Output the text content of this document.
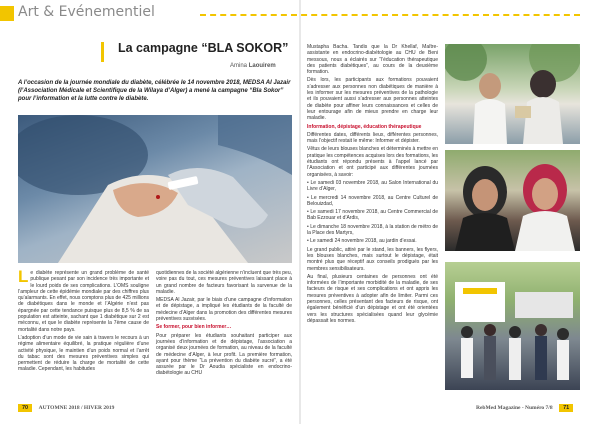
Art & Evénementiel
La campagne “BLA SOKOR”
Amina Laouirem
A l’occasion de la journée mondiale du diabète, célébrée le 14 novembre 2018, MEDSA Al Jazair (l’Association Médicale et Scientifique de la Wilaya d’Alger) a mené la campagne “Bla Sokor” pour l’information et la lutte contre le diabète.

L e diabète représente un grand problème de santé publique pesant par son incidence très importante et le lourd poids de ses complications. L’OMS souligne l’ampleur de cette épidémie mondiale par des chiffres plus qu’alarmants. En effet, nous comptons plus de 425 millions de diabétiques dans le monde et l’Algérie n’est pas épargnée par cette tendance puisque plus de 8,5 % de sa population est atteinte, sachant que 1 diabétique sur 2 est méconnu, et que le diabète représente la 7ème cause de mortalité dans notre pays.

L’adoption d’un mode de vie sain à travers le recours à un régime alimentaire équilibré, la pratique régulière d’une activité physique, le maintien d’un poids normal et l’arrêt du tabac sont des mesures préventives simples qui permettent de réduire la charge de mortalité de cette maladie. Cependant, les habitudes

quotidiennes de la société algérienne n’incluent que très peu, voire pas du tout, ces mesures préventives laissant place à un grand nombre de facteurs favorisant la survenue de la maladie.

MEDSA Al Jazair, par le biais d’une campagne d’information et de dépistage, a impliqué les étudiants de la faculté de médecine d’Alger dans la promotion des différentes mesures préventives susvisées.

Se former, pour bien informer…

Pour préparer les étudiants souhaitant participer aux journées d’information et de dépistage, l’association a organisé deux journées de formation, au niveau de la faculté de médecine d’Alger, à leur profit. La première formation, ayant pour thème “La prévention du diabète sucré”, a été assurée par le Dr Aoudia spécialiste en endocrino-diabétologie au CHU

Mustapha Bacha. Tandis que la Dr Khellaf, Maître-assistante en endocrino-diabétologie au CHU de Beni messous, nous a éclairés sur “l’éducation thérapeutique des patients diabétiques”, au cours de la deuxième formation.

Dès lors, les participants aux formations pouvaient s’adresser aux personnes non diabétiques de manière à les informer sur les mesures préventives de la pathologie et ils pouvaient aussi s’adresser aux personnes atteintes de diabète pour affiner leurs connaissances et celles de leur entourage afin de mieux prendre en charge leur maladie.

Information, dépistage, éducation thérapeutique

Différentes dates, différents lieux, différentes personnes, mais l’objectif restait le même: Informer et dépister.

Vêtus de leurs blouses blanches et déterminés à mettre en pratique les compétences acquises lors des formations, les étudiants ont répondu présents à l’appel lancé par l’Association et ont participé aux différentes journées organisées, à savoir:

• Le samedi 03 novembre 2018, au Salon International du Livre d’Alger,

• Le mercredi 14 novembre 2018, au Centre Culturel de Belouizdad,

• Le samedi 17 novembre 2018, au Centre Commercial de Bab Ezzouar et d’Ardis,

• Le dimanche 18 novembre 2018, à la station de métro de la Place des Martyrs,

• Le samedi 24 novembre 2018, au jardin d’essai.

Le grand public, attiré par le stand, les banners, les flyers, les blouses blanches, mais surtout le dépistage, était montré plus que réceptif aux conseils prodigués par les membres sensibilisateurs.

Au final, plusieurs centaines de personnes ont été informées de l’importante morbidité de la maladie, de ses facteurs de risque et ses complications et ont appris les mesures préventives à adopter afin de limiter. Parmi ces personnes, celles présentant des facteurs de risque, ont également bénéficié d’un dépistage et ont été orientées vers les structures spécialisées quand leur glycémie dépassait les normes.

70 AUTOMNE 2018 / HIVER 2019	RebMed Magazine - Numéro 7/8 71
